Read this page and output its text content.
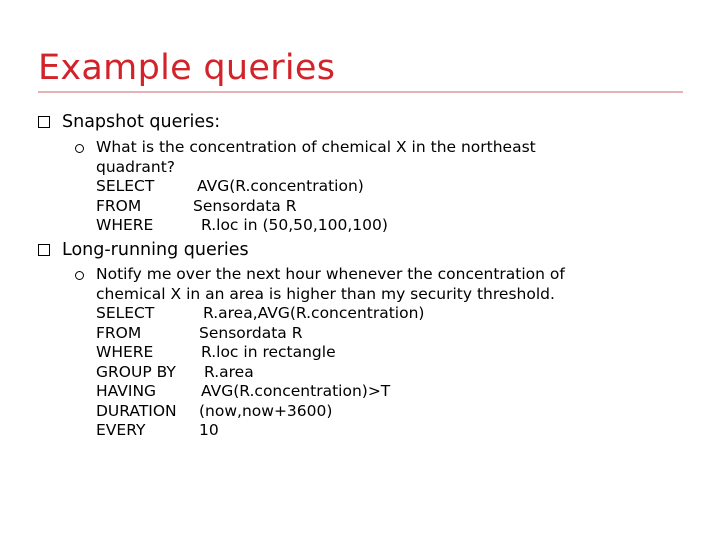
Example queries
Snapshot queries:
What is the concentration of chemical X in the northeast
quadrant?
SELECT	AVG(R.concentration)
FROM	Sensordata R
WHERE	R.loc in (50,50,100,100)
Long-running queries
Notify me over the next hour whenever the concentration of
chemical X in an area is higher than my security threshold.
SELECT	R.area,AVG(R.concentration)
FROM	Sensordata R
WHERE	R.loc in rectangle
GROUP BY R.area
HAVING	AVG(R.concentration)>T
DURATION (now,now+3600)
EVERY	10
